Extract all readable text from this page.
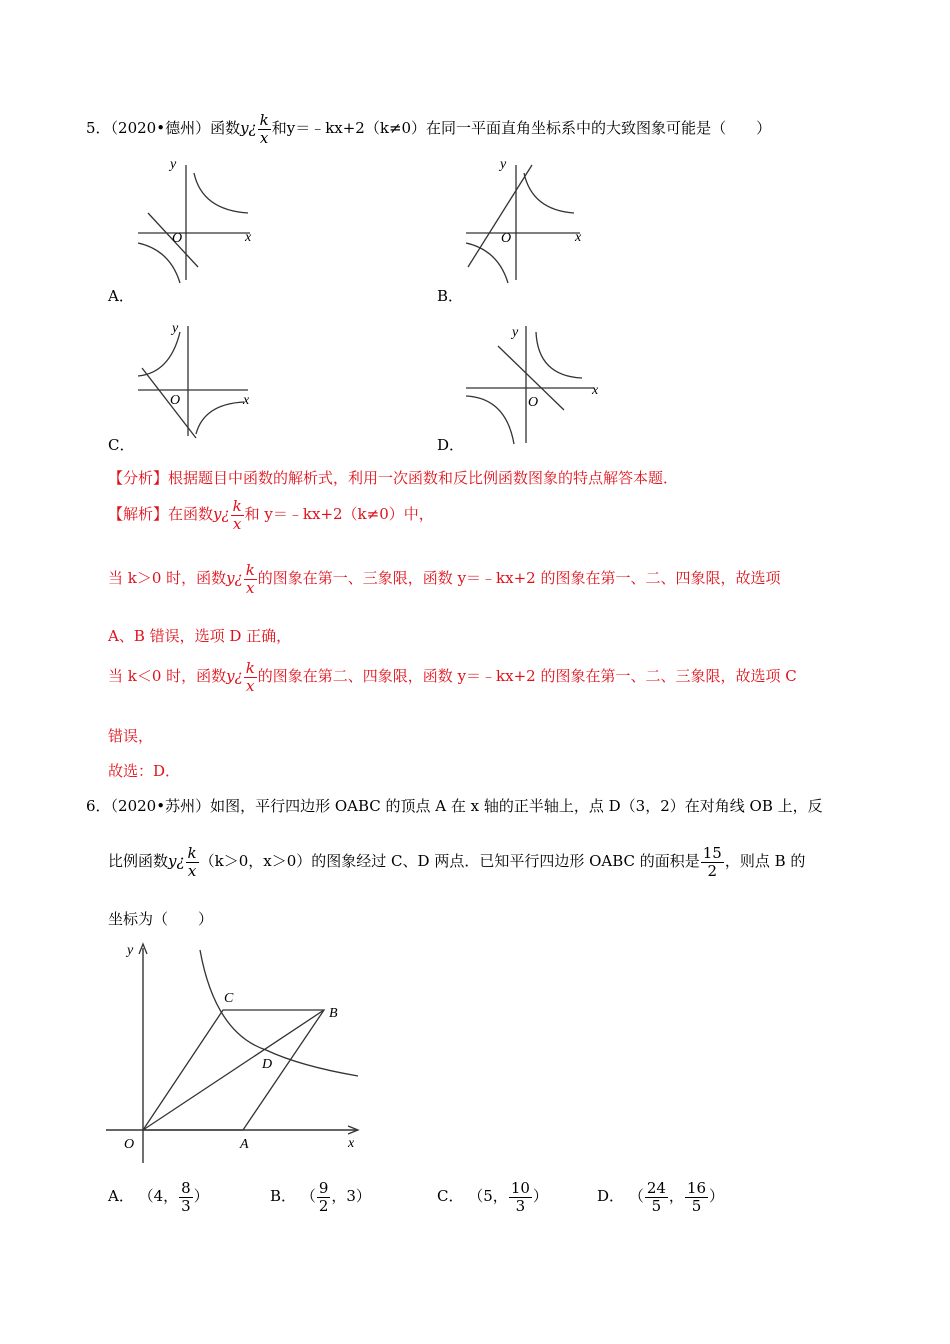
5．（2020•德州）函数y¿ $\frac{k}{x}$ 和y＝﹣kx+2（k≠0）在同一平面直角坐标系中的大致图象可能是（　　）
y
x
O
A．
y
x
O
B．
y
x
O
C．
y
x
O
D．
【分析】根据题目中函数的解析式，利用一次函数和反比例函数图象的特点解答本题．
【解析】在函数y¿ $\frac{k}{x}$ 和 y＝﹣kx+2（k≠0）中，
当 k＞0 时，函数y¿ $\frac{k}{x}$ 的图象在第一、三象限，函数 y＝﹣kx+2 的图象在第一、二、四象限，故选项
A、B 错误，选项 D 正确，
当 k＜0 时，函数y¿ $\frac{k}{x}$ 的图象在第二、四象限，函数 y＝﹣kx+2 的图象在第一、二、三象限，故选项 C
错误，
故选：D．
6．（2020•苏州）如图，平行四边形 OABC 的顶点 A 在 x 轴的正半轴上，点 D（3，2）在对角线 OB 上，反
比例函数y¿ $\frac{k}{x} (k>0$，x＞0）的图象经过 C、D 两点．已知平行四边形 OABC 的面积是 $\frac{15}{2}$ ，则点 B 的
坐标为（　　）
C
B
D
O	A	x
y
A． （4， $\frac{8}{3}$ ）	B． （ $\frac{9}{2}$ ，3）	C． （5， $\frac{10}{3}$ ）	D． （ $\frac{24}{5}$ ， $\frac{16}{5}$ ）
